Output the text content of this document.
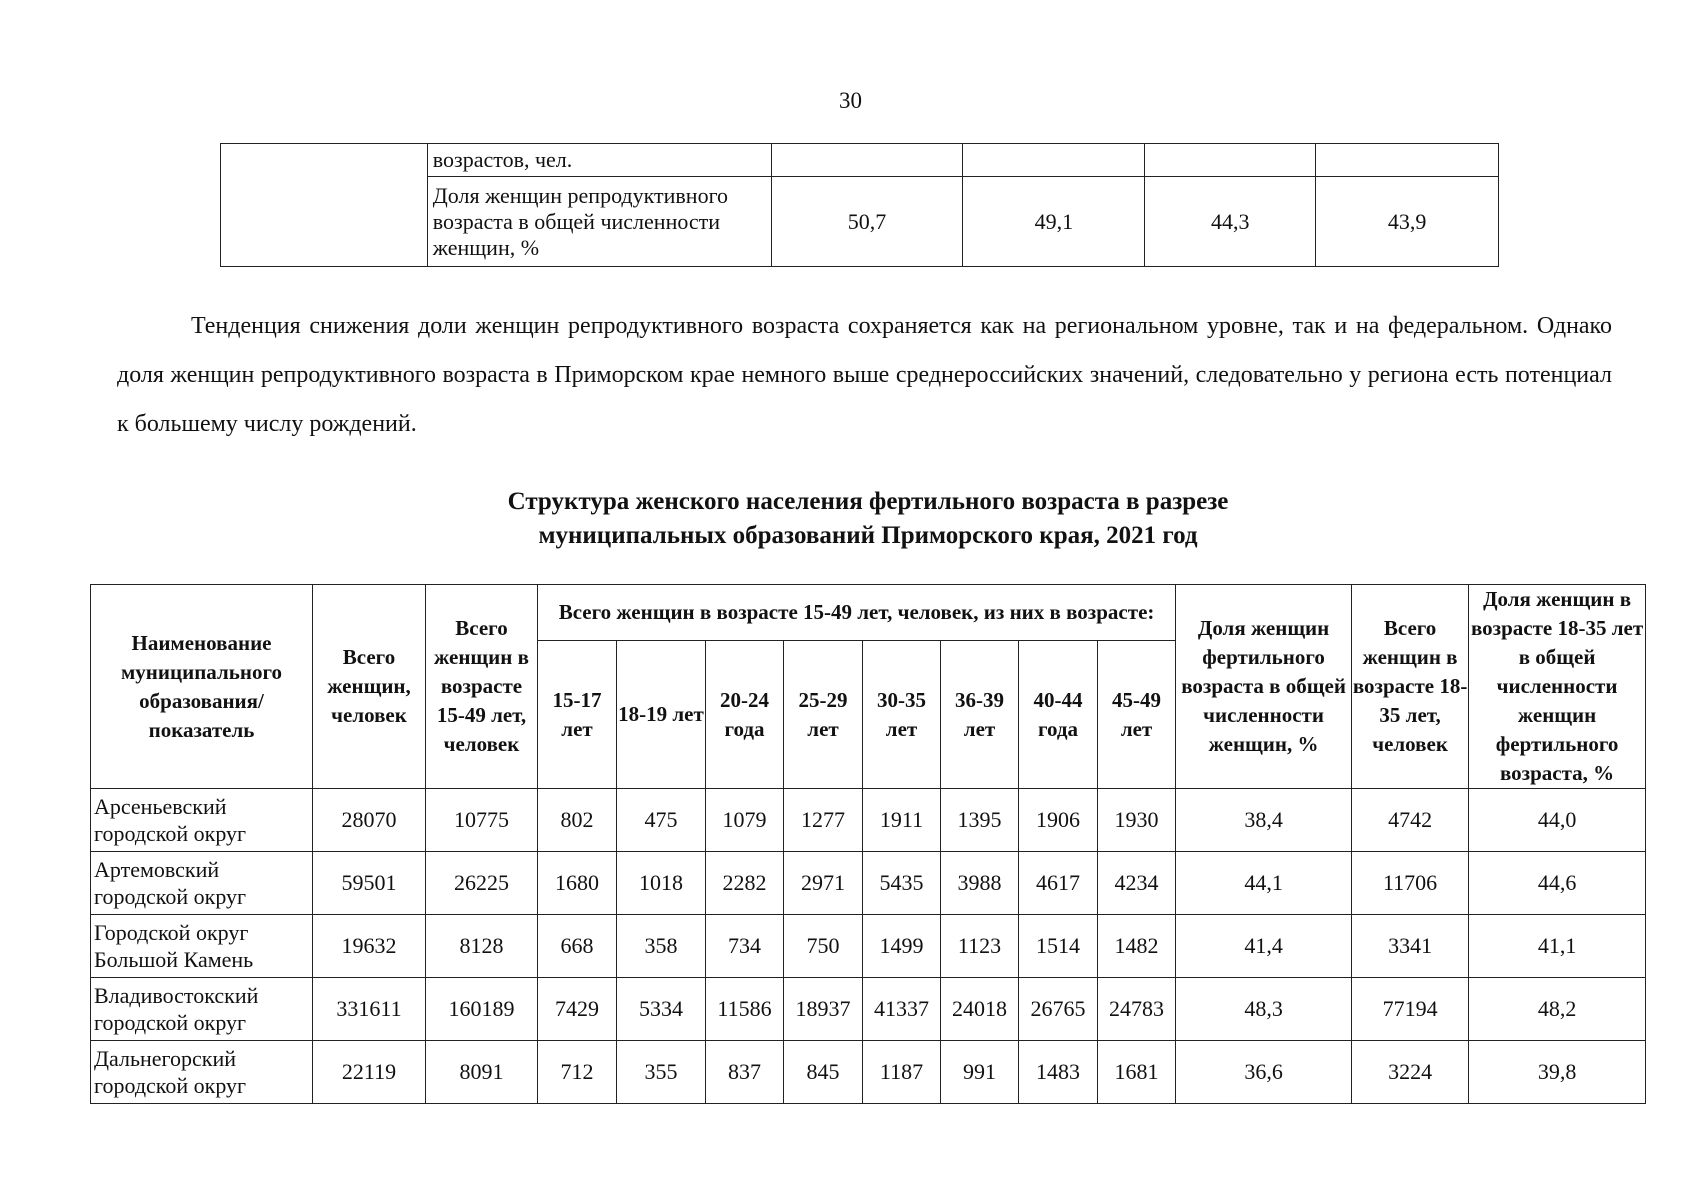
30
	возрастов, чел.				
	Доля женщин репродуктивного возраста в общей численности женщин, %	50,7	49,1	44,3	43,9
Тенденция снижения доли женщин репродуктивного возраста сохраняется как на региональном уровне, так и на федеральном. Однако доля женщин репродуктивного возраста в Приморском крае немного выше среднероссийских значений, следовательно у региона есть потенциал к большему числу рождений.
Структура женского населения фертильного возраста в разрезе
муниципальных образований Приморского края, 2021 год
Наименование муниципального образования/ показатель	Всего женщин, человек	Всего женщин в возрасте 15-49 лет, человек	Всего женщин в возрасте 15-49 лет, человек, из них в возрасте:								Доля женщин фертильного возраста в общей численности женщин, %	Всего женщин в возрасте 18-35 лет, человек	Доля женщин в возрасте 18-35 лет в общей численности женщин фертильного возраста, %
			15-17 лет	18-19 лет	20-24 года	25-29 лет	30-35 лет	36-39 лет	40-44 года	45-49 лет			
Арсеньевский городской округ	28070	10775	802	475	1079	1277	1911	1395	1906	1930	38,4	4742	44,0
Артемовский городской округ	59501	26225	1680	1018	2282	2971	5435	3988	4617	4234	44,1	11706	44,6
Городской округ Большой Камень	19632	8128	668	358	734	750	1499	1123	1514	1482	41,4	3341	41,1
Владивостокский городской округ	331611	160189	7429	5334	11586	18937	41337	24018	26765	24783	48,3	77194	48,2
Дальнегорский городской округ	22119	8091	712	355	837	845	1187	991	1483	1681	36,6	3224	39,8
